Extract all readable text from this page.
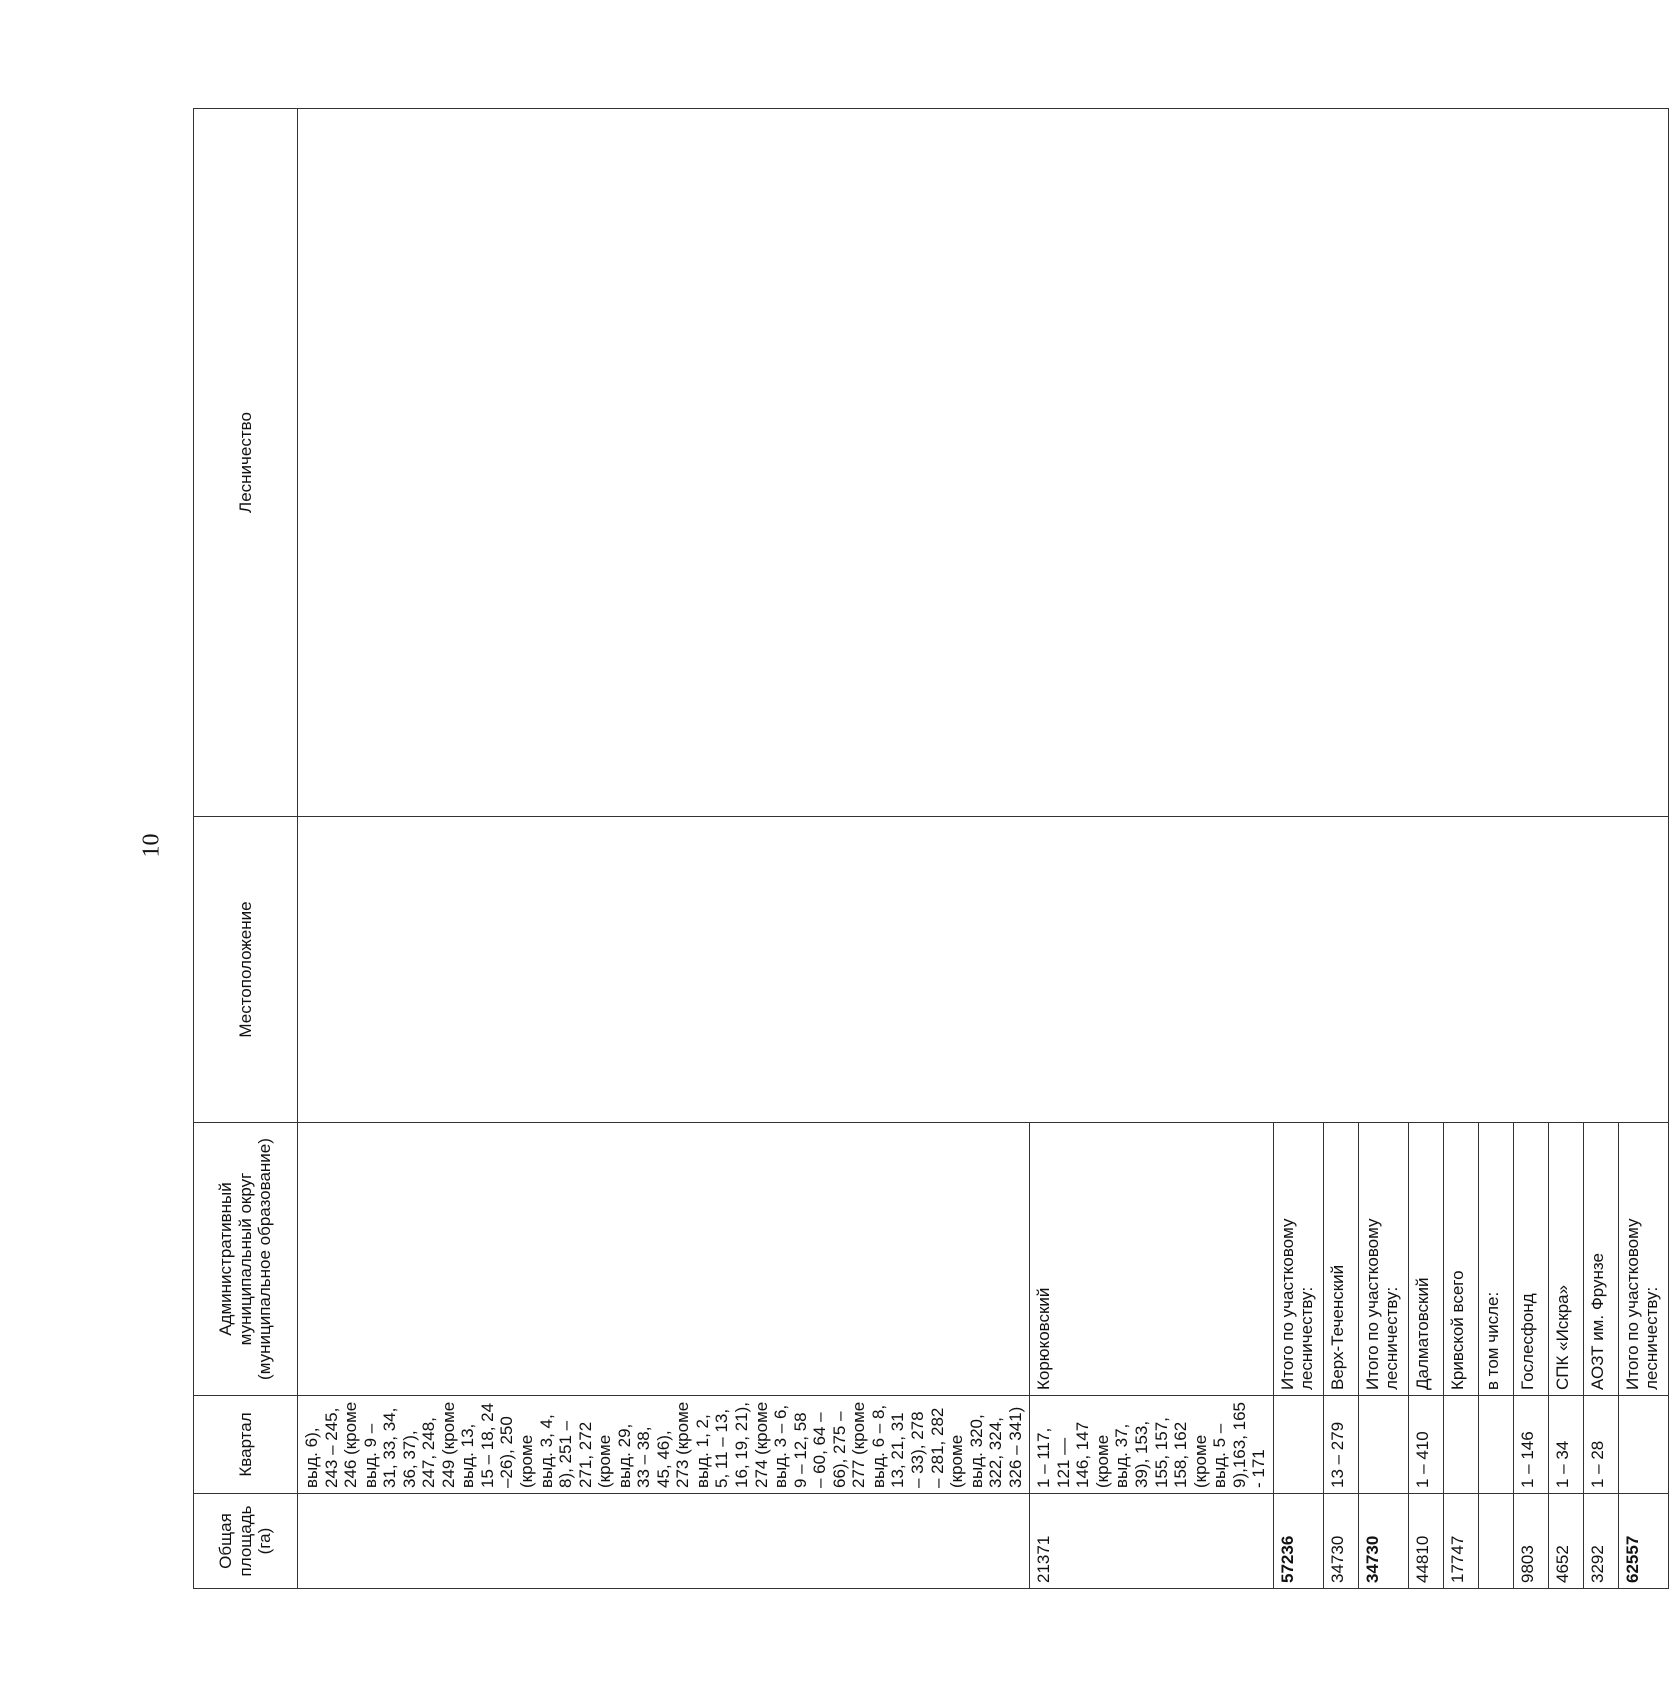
10
Общая площадь (га)	Квартал	Административный муниципальный округ (муниципальное образование)	Местоположение	Лесничество
	выд. 6), 243 – 245, 246 (кроме выд. 9 – 31, 33, 34, 36, 37), 247, 248, 249 (кроме выд. 13, 15 – 18, 24 –26), 250 (кроме выд. 3, 4, 8), 251 – 271, 272 (кроме выд. 29, 33 – 38, 45, 46), 273 (кроме выд. 1, 2, 5, 11 – 13, 16, 19, 21), 274 (кроме выд. 3 – 6, 9 – 12, 58 – 60, 64 – 66), 275 – 277 (кроме выд. 6 – 8, 13, 21, 31 – 33), 278 – 281, 282 (кроме выд. 320, 322, 324, 326 – 341)			
21371	1 – 117, 121 — 146, 147 (кроме выд. 37, 39), 153, 155, 157, 158, 162 (кроме выд. 5 – 9),163, 165 - 171	Корюковский		
57236		Итого по участковому лесничеству:		
34730	13 – 279	Верх-Теченский		
34730		Итого по участковому лесничеству:		
44810	1 – 410	Далматовский		
17747		Кривской всего		
		в том числе:		
9803	1 – 146	Гослесфонд		
4652	1 – 34	СПК «Искра»		
3292	1 – 28	АОЗТ им. Фрунзе		
62557		Итого по участковому лесничеству:		
